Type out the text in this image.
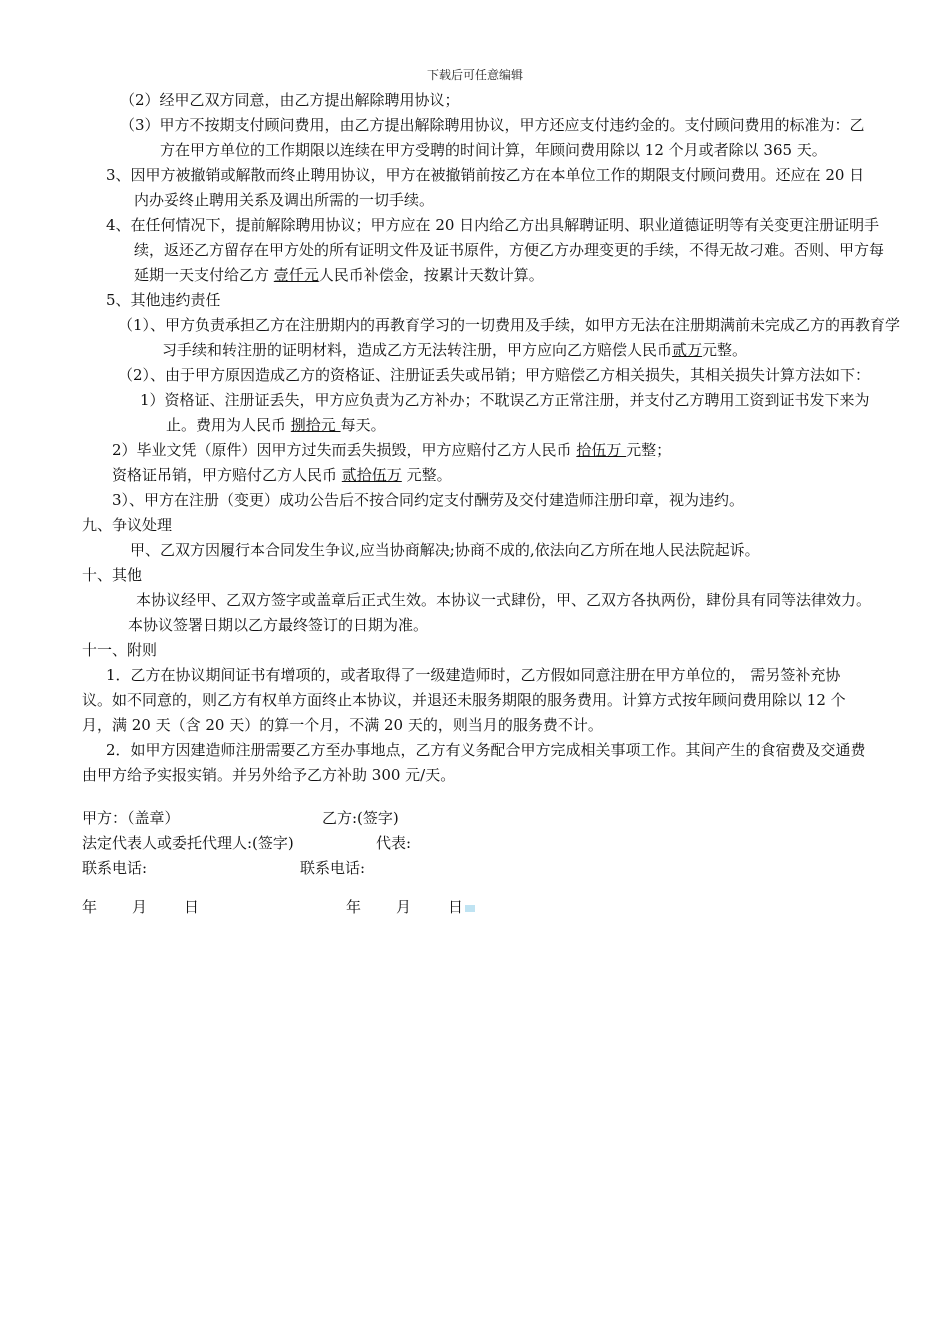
下载后可任意编辑

（2）经甲乙双方同意，由乙方提出解除聘用协议；

（3）甲方不按期支付顾问费用，由乙方提出解除聘用协议，甲方还应支付违约金的。支付顾问费用的标准为：乙方在甲方单位的工作期限以连续在甲方受聘的时间计算，年顾问费用除以 12 个月或者除以 365 天。

3、因甲方被撤销或解散而终止聘用协议，甲方在被撤销前按乙方在本单位工作的期限支付顾问费用。还应在 20 日内办妥终止聘用关系及调出所需的一切手续。

4、在任何情况下，提前解除聘用协议；甲方应在 20 日内给乙方出具解聘证明、职业道德证明等有关变更注册证明手续，返还乙方留存在甲方处的所有证明文件及证书原件，方便乙方办理变更的手续，不得无故刁难。否则、甲方每延期一天支付给乙方 壹仟元人民币补偿金，按累计天数计算。

5、其他违约责任

（1）、甲方负责承担乙方在注册期内的再教育学习的一切费用及手续，如甲方无法在注册期满前未完成乙方的再教育学习手续和转注册的证明材料，造成乙方无法转注册，甲方应向乙方赔偿人民币贰万元整。

（2）、由于甲方原因造成乙方的资格证、注册证丢失或吊销；甲方赔偿乙方相关损失，其相关损失计算方法如下：

1）资格证、注册证丢失，甲方应负责为乙方补办；不耽误乙方正常注册，并支付乙方聘用工资到证书发下来为止。费用为人民币 捌拾元 每天。

2）毕业文凭（原件）因甲方过失而丢失损毁，甲方应赔付乙方人民币 拾伍万 元整；

资格证吊销，甲方赔付乙方人民币 贰拾伍万 元整。

3）、甲方在注册（变更）成功公告后不按合同约定支付酬劳及交付建造师注册印章，视为违约。

九、争议处理

甲、乙双方因履行本合同发生争议,应当协商解决;协商不成的,依法向乙方所在地人民法院起诉。

十、其他

本协议经甲、乙双方签字或盖章后正式生效。本协议一式肆份，甲、乙双方各执两份，肆份具有同等法律效力。

本协议签署日期以乙方最终签订的日期为准。

十一、附则

1．乙方在协议期间证书有增项的，或者取得了一级建造师时，乙方假如同意注册在甲方单位的， 需另签补充协议。如不同意的，则乙方有权单方面终止本协议，并退还未服务期限的服务费用。计算方式按年顾问费用除以 12 个月，满 20 天（含 20 天）的算一个月，不满 20 天的，则当月的服务费不计。

2．如甲方因建造师注册需要乙方至办事地点，乙方有义务配合甲方完成相关事项工作。其间产生的食宿费及交通费由甲方给予实报实销。并另外给予乙方补助 300 元/天。

甲方：（盖章）	乙方:(签字)
法定代表人或委托代理人:(签字)	代表:
联系电话:	联系电话:
年 月 日	年 月 日
